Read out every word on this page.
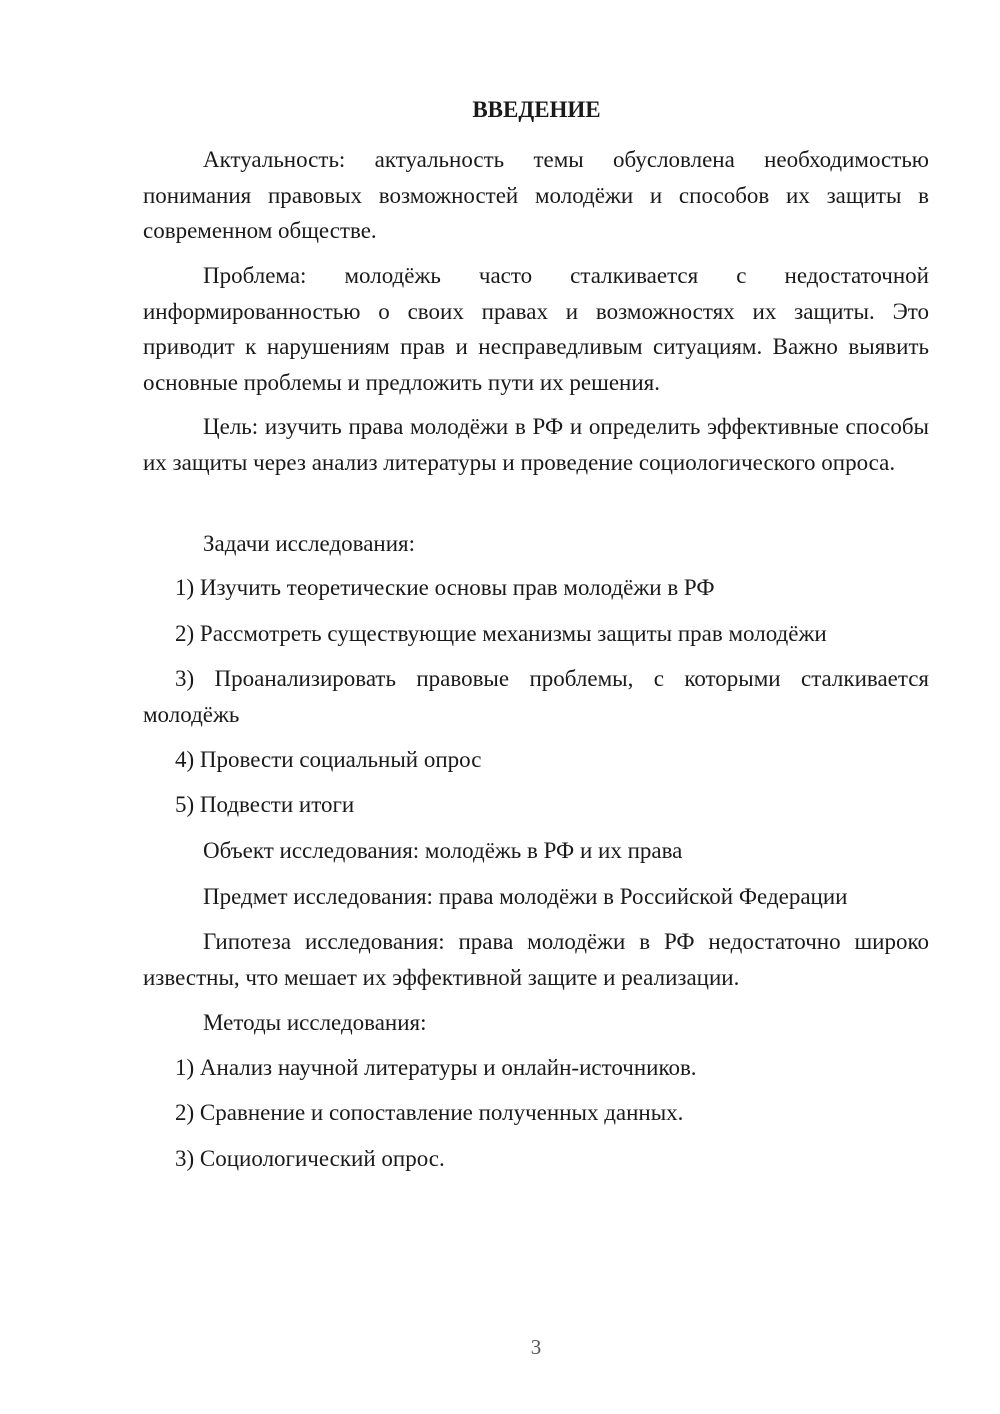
ВВЕДЕНИЕ

Актуальность: актуальность темы обусловлена необходимостью понимания правовых возможностей молодёжи и способов их защиты в современном обществе.

Проблема: молодёжь часто сталкивается с недостаточной информированностью о своих правах и возможностях их защиты. Это приводит к нарушениям прав и несправедливым ситуациям. Важно выявить основные проблемы и предложить пути их решения.

Цель: изучить права молодёжи в РФ и определить эффективные способы их защиты через анализ литературы и проведение социологического опроса.

Задачи исследования:

1) Изучить теоретические основы прав молодёжи в РФ

2) Рассмотреть существующие механизмы защиты прав молодёжи

3) Проанализировать правовые проблемы, с которыми сталкивается молодёжь

4) Провести социальный опрос

5) Подвести итоги

Объект исследования: молодёжь в РФ и их права

Предмет исследования: права молодёжи в Российской Федерации

Гипотеза исследования: права молодёжи в РФ недостаточно широко известны, что мешает их эффективной защите и реализации.

Методы исследования:

1) Анализ научной литературы и онлайн-источников.

2) Сравнение и сопоставление полученных данных.

3) Социологический опрос.

3
